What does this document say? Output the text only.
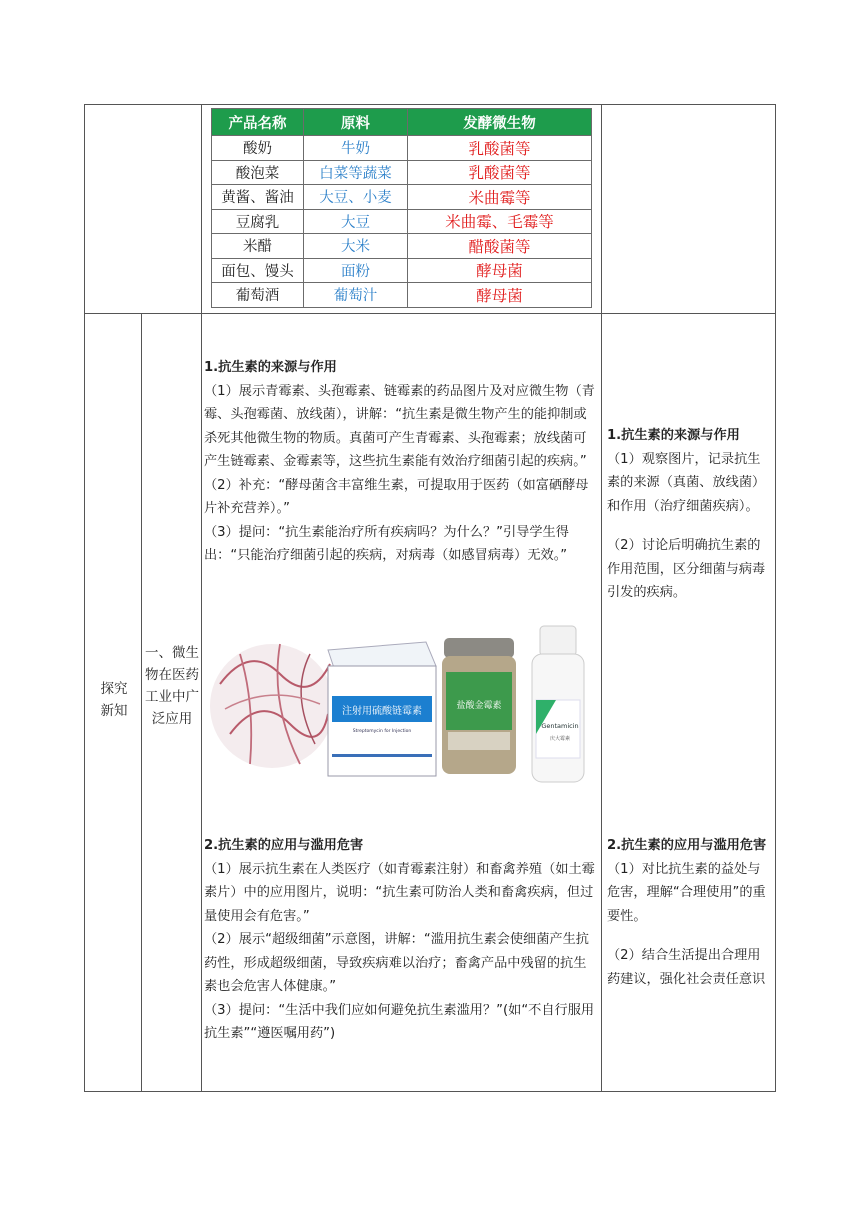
产品名称	原料	发酵微生物
酸奶	牛奶	乳酸菌等
酸泡菜	白菜等蔬菜	乳酸菌等
黄酱、酱油	大豆、小麦	米曲霉等
豆腐乳	大豆	米曲霉、毛霉等
米醋	大米	醋酸菌等
面包、馒头	面粉	酵母菌
葡萄酒	葡萄汁	酵母菌
探究新知
一、微生物在医药工业中广泛应用

1.抗生素的来源与作用

（1）展示青霉素、头孢霉素、链霉素的药品图片及对应微生物（青霉、头孢霉菌、放线菌），讲解：“抗生素是微生物产生的能抑制或杀死其他微生物的物质。真菌可产生青霉素、头孢霉素；放线菌可产生链霉素、金霉素等，这些抗生素能有效治疗细菌引起的疾病。”

（2）补充：“酵母菌含丰富维生素，可提取用于医药（如富硒酵母片补充营养）。”

（3）提问：“抗生素能治疗所有疾病吗？为什么？”引导学生得出：“只能治疗细菌引起的疾病，对病毒（如感冒病毒）无效。”

注射用硫酸链霉素
Streptomycin for Injection
盐酸金霉素
Gentamicin
庆大霉素

2.抗生素的应用与滥用危害

（1）展示抗生素在人类医疗（如青霉素注射）和畜禽养殖（如土霉素片）中的应用图片，说明：“抗生素可防治人类和畜禽疾病，但过量使用会有危害。”

（2）展示“超级细菌”示意图，讲解：“滥用抗生素会使细菌产生抗药性，形成超级细菌，导致疾病难以治疗；畜禽产品中残留的抗生素也会危害人体健康。”

（3）提问：“生活中我们应如何避免抗生素滥用？”(如“不自行服用抗生素”“遵医嘱用药”)

1.抗生素的来源与作用

（1）观察图片，记录抗生素的来源（真菌、放线菌）和作用（治疗细菌疾病）。

（2）讨论后明确抗生素的作用范围，区分细菌与病毒引发的疾病。

2.抗生素的应用与滥用危害

（1）对比抗生素的益处与危害，理解“合理使用”的重要性。

（2）结合生活提出合理用药建议，强化社会责任意识
